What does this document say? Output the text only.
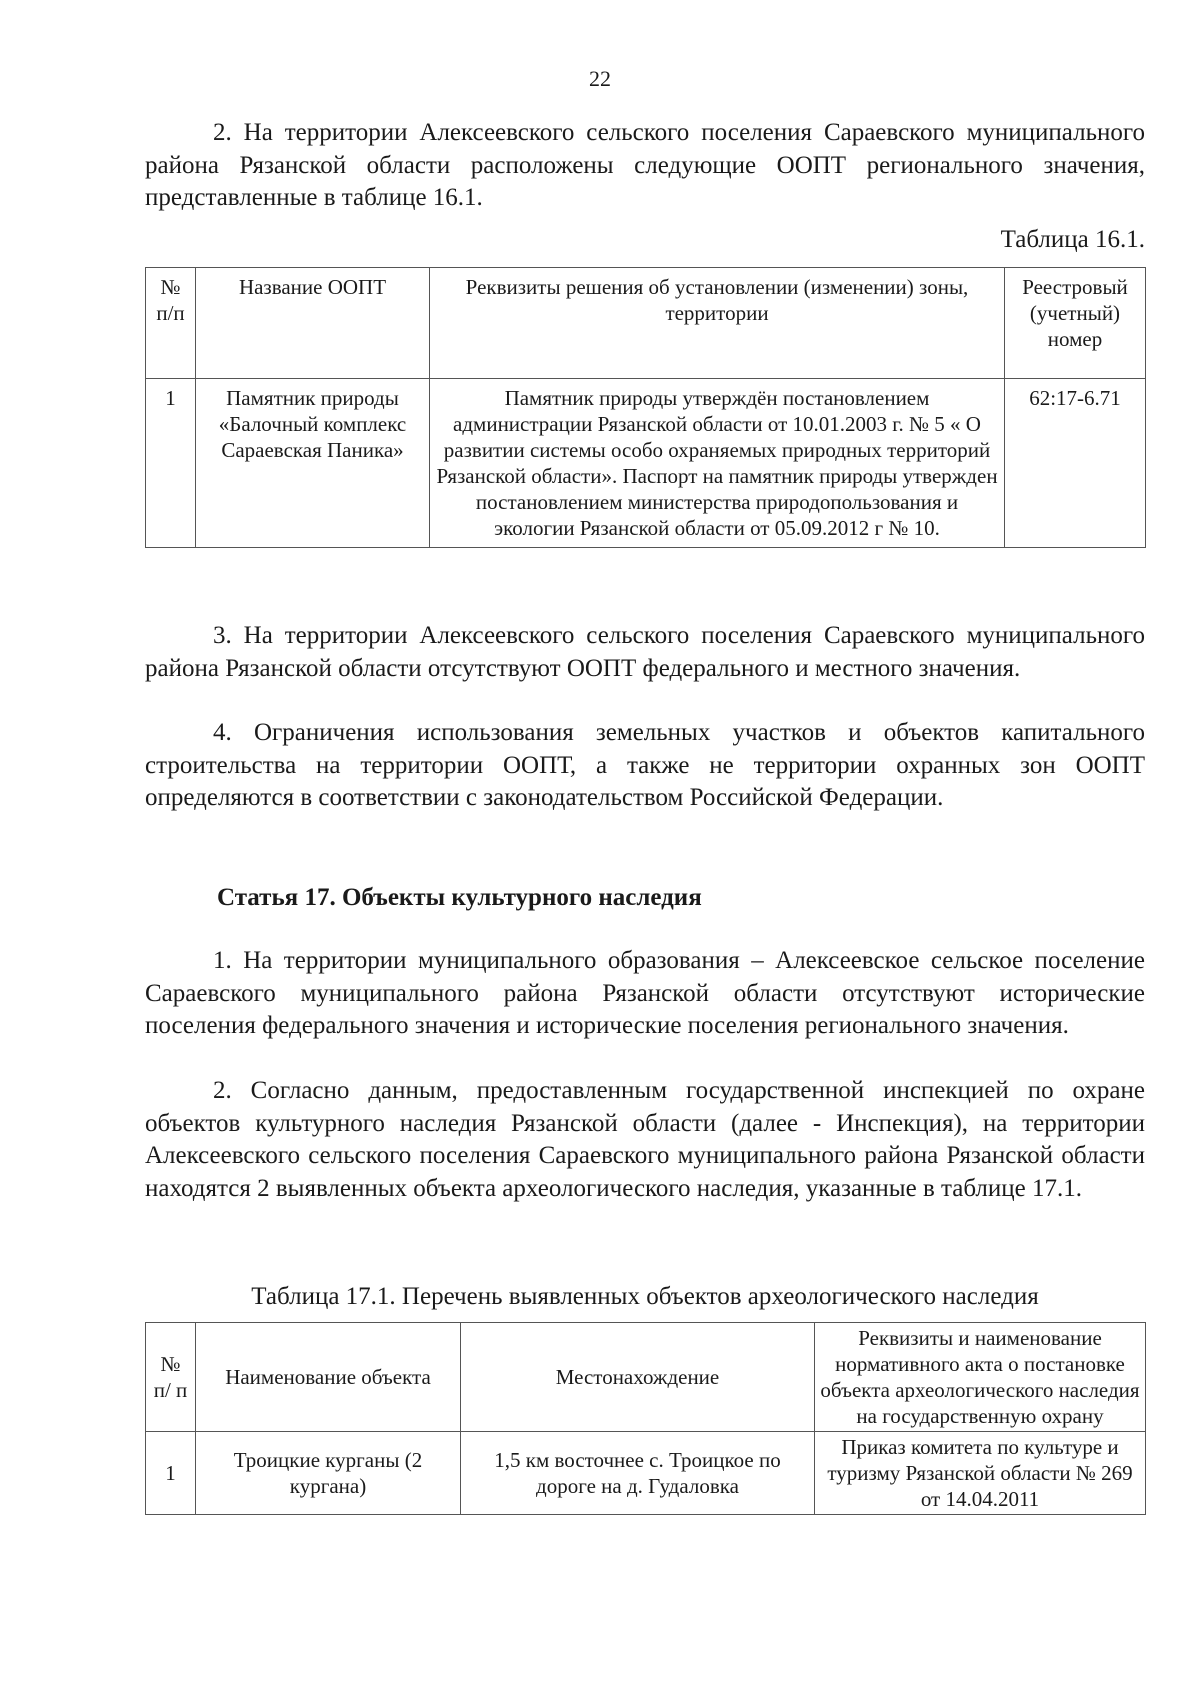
22

2. На территории Алексеевского сельского поселения Сараевского муниципального района Рязанской области расположены следующие ООПТ регионального значения, представленные в таблице 16.1.

Таблица 16.1.
№ п/п	Название ООПТ	Реквизиты решения об установлении (изменении) зоны, территории	Реестровый (учетный) номер
1	Памятник природы «Балочный комплекс Сараевская Паника»	Памятник природы утверждён постановлением администрации Рязанской области от 10.01.2003 г. № 5 « О развитии системы особо охраняемых природных территорий Рязанской области». Паспорт на памятник природы утвержден постановлением министерства природопользования и экологии Рязанской области от 05.09.2012 г № 10.	62:17-6.71

3. На территории Алексеевского сельского поселения Сараевского муниципального района Рязанской области отсутствуют ООПТ федерального и местного значения.

4. Ограничения использования земельных участков и объектов капитального строительства на территории ООПТ, а также не территории охранных зон ООПТ определяются в соответствии с законодательством Российской Федерации.

Статья 17. Объекты культурного наследия

1. На территории муниципального образования – Алексеевское сельское поселение Сараевского муниципального района Рязанской области отсутствуют исторические поселения федерального значения и исторические поселения регионального значения.

2. Согласно данным, предоставленным государственной инспекцией по охране объектов культурного наследия Рязанской области (далее - Инспекция), на территории Алексеевского сельского поселения Сараевского муниципального района Рязанской области находятся 2 выявленных объекта археологического наследия, указанные в таблице 17.1.

Таблица 17.1. Перечень выявленных объектов археологического наследия
№ п/ п	Наименование объекта	Местонахождение	Реквизиты и наименование нормативного акта о постановке объекта археологического наследия на государственную охрану
1	Троицкие курганы (2 кургана)	1,5 км восточнее с. Троицкое по дороге на д. Гудаловка	Приказ комитета по культуре и туризму Рязанской области № 269 от 14.04.2011
